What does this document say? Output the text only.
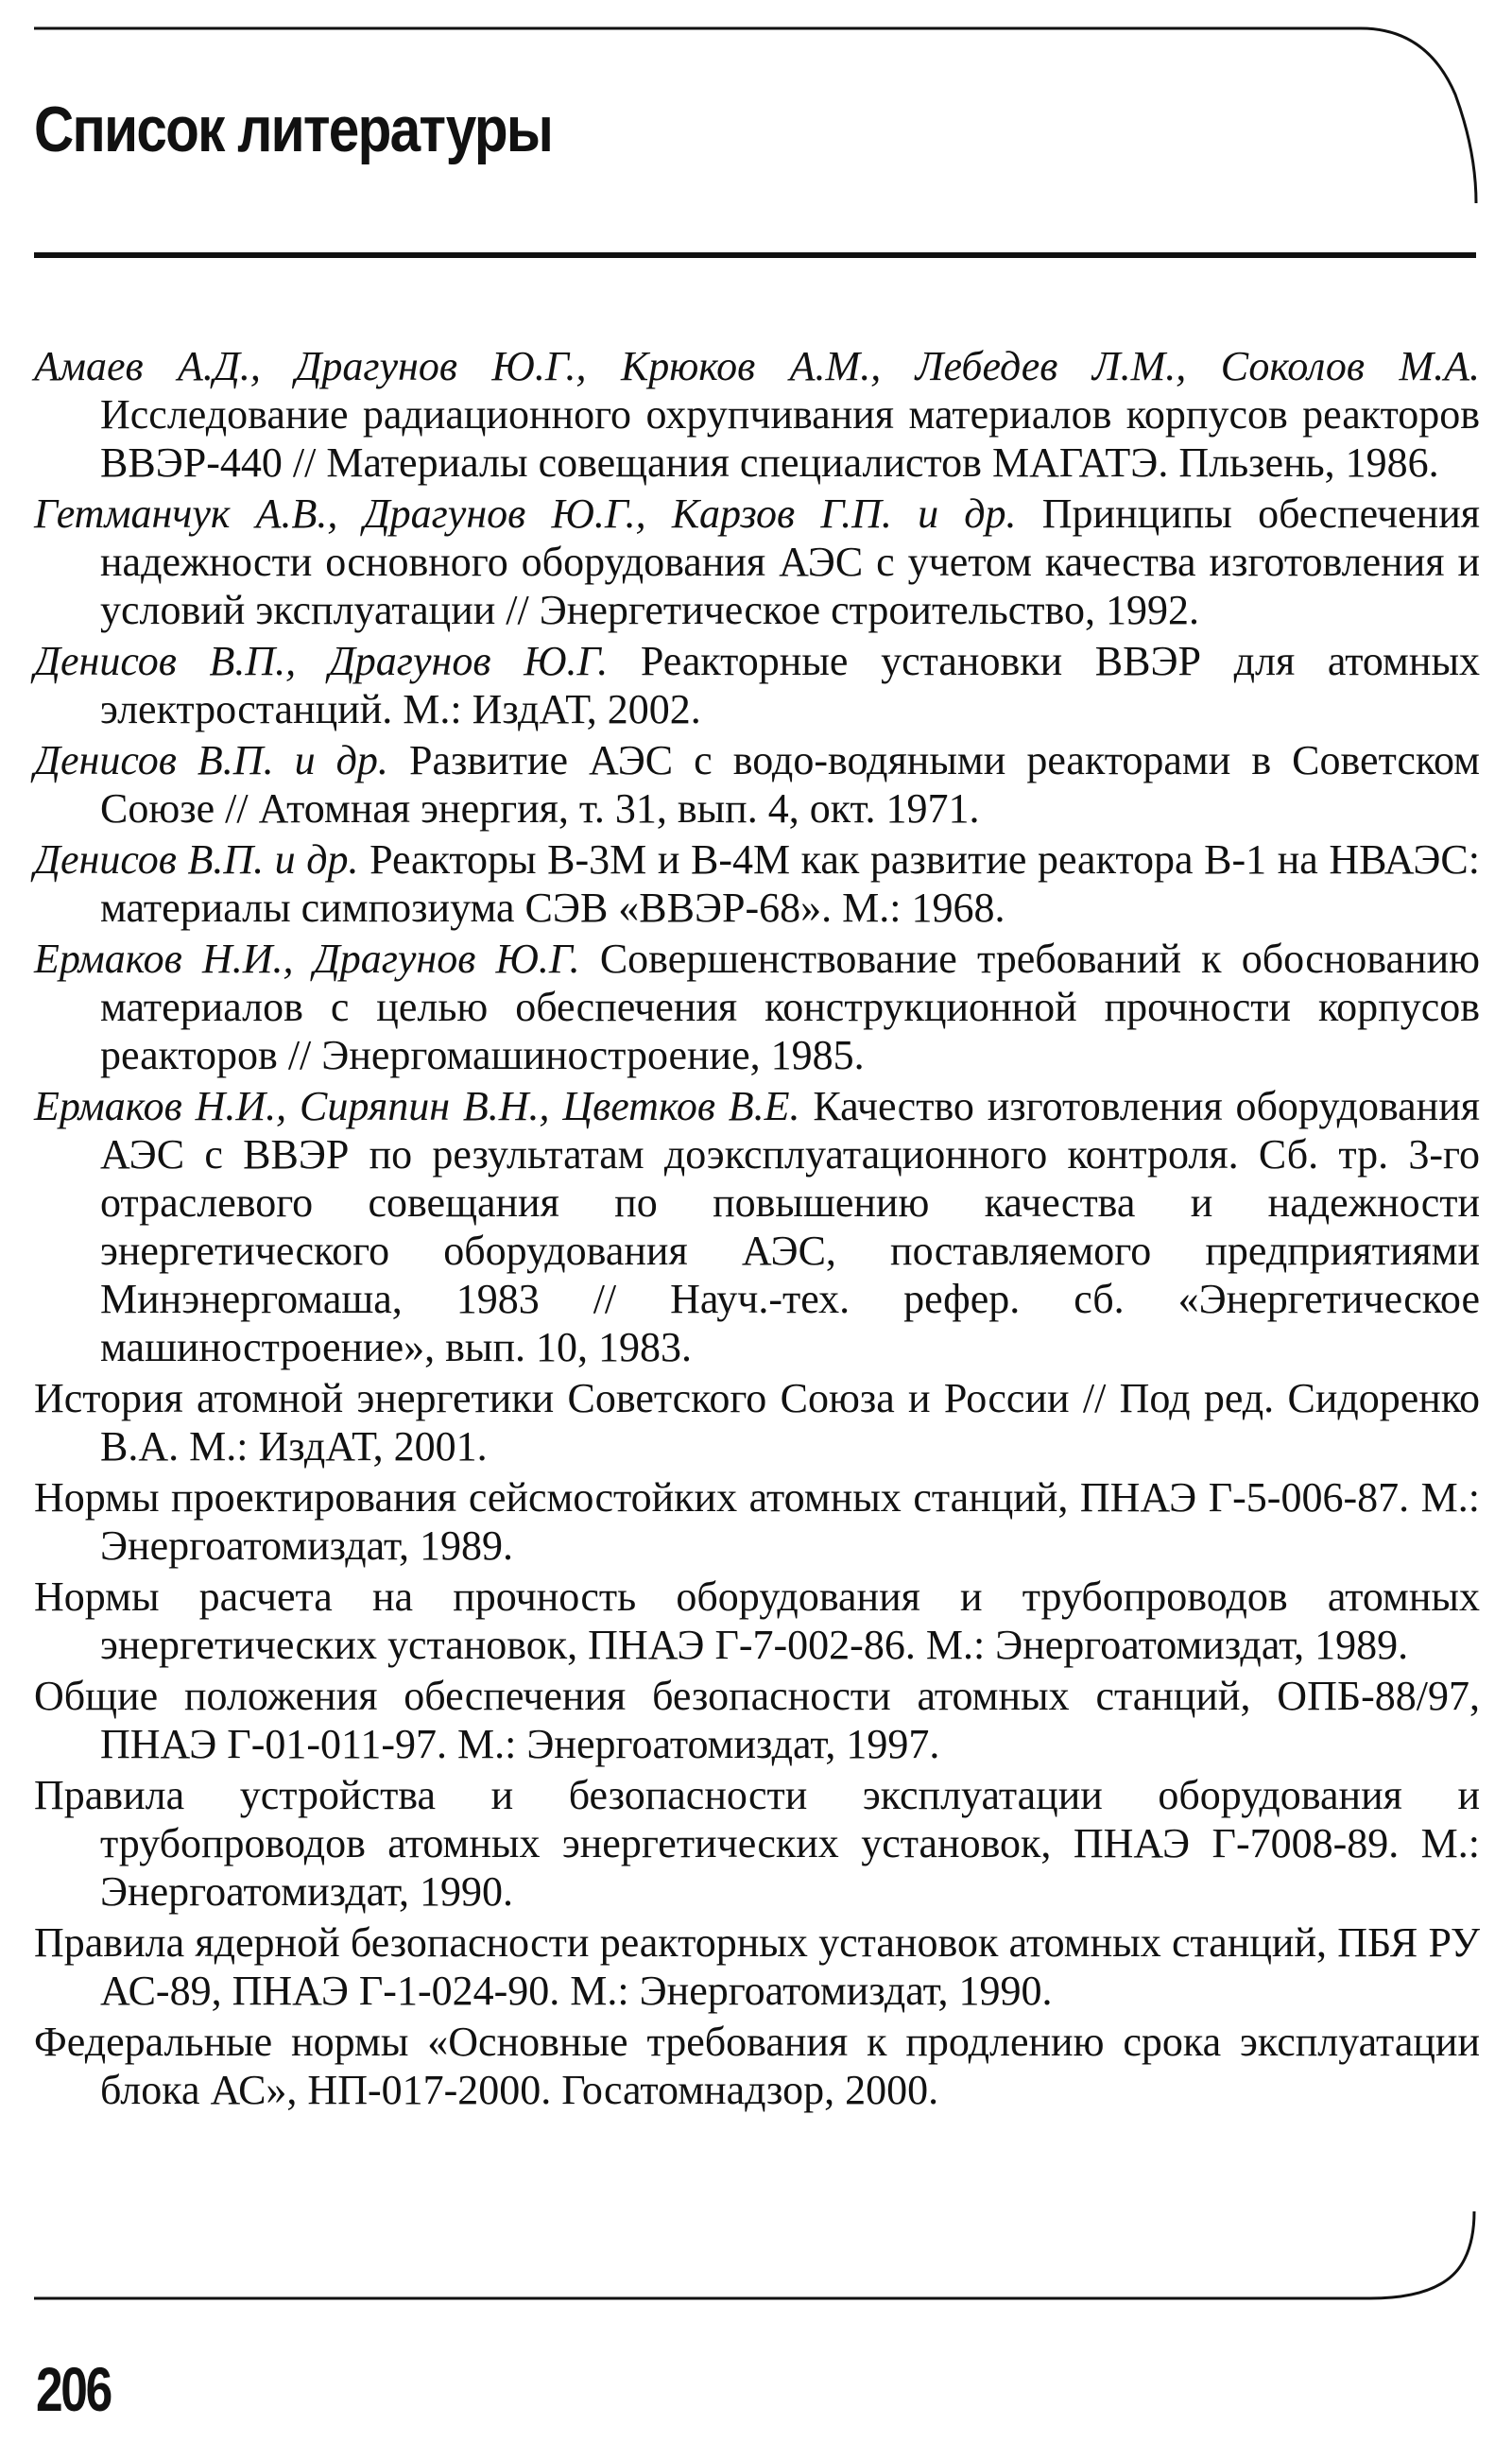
Список литературы
Амаев А.Д., Драгунов Ю.Г., Крюков А.М., Лебедев Л.М., Соколов М.А. Исследование радиационного охрупчивания материалов корпусов реакторов ВВЭР-440 // Материалы совещания специалистов МАГАТЭ. Пльзень, 1986.
Гетманчук А.В., Драгунов Ю.Г., Карзов Г.П. и др. Принципы обеспечения надежности основного оборудования АЭС с учетом качества изготовления и условий эксплуатации // Энергетическое строительство, 1992.
Денисов В.П., Драгунов Ю.Г. Реакторные установки ВВЭР для атомных электростанций. М.: ИздАТ, 2002.
Денисов В.П. и др. Развитие АЭС с водо-водяными реакторами в Советском Союзе // Атомная энергия, т. 31, вып. 4, окт. 1971.
Денисов В.П. и др. Реакторы В-3М и В-4М как развитие реактора В-1 на НВАЭС: материалы симпозиума СЭВ «ВВЭР-68». М.: 1968.
Ермаков Н.И., Драгунов Ю.Г. Совершенствование требований к обоснованию материалов с целью обеспечения конструкционной прочности корпусов реакторов // Энергомашиностроение, 1985.
Ермаков Н.И., Сиряпин В.Н., Цветков В.Е. Качество изготовления оборудования АЭС с ВВЭР по результатам доэксплуатационного контроля. Сб. тр. 3-го отраслевого совещания по повышению качества и надежности энергетического оборудования АЭС, поставляемого предприятиями Минэнергомаша, 1983 // Науч.-тех. рефер. сб. «Энергетическое машиностроение», вып. 10, 1983.
История атомной энергетики Советского Союза и России // Под ред. Сидоренко В.А. М.: ИздАТ, 2001.
Нормы проектирования сейсмостойких атомных станций, ПНАЭ Г-5-006-87. М.: Энергоатомиздат, 1989.
Нормы расчета на прочность оборудования и трубопроводов атомных энергетических установок, ПНАЭ Г-7-002-86. М.: Энергоатомиздат, 1989.
Общие положения обеспечения безопасности атомных станций, ОПБ-88/97, ПНАЭ Г-01-011-97. М.: Энергоатомиздат, 1997.
Правила устройства и безопасности эксплуатации оборудования и трубопроводов атомных энергетических установок, ПНАЭ Г-7008-89. М.: Энергоатомиздат, 1990.
Правила ядерной безопасности реакторных установок атомных станций, ПБЯ РУ АС-89, ПНАЭ Г-1-024-90. М.: Энергоатомиздат, 1990.
Федеральные нормы «Основные требования к продлению срока эксплуатации блока АС», НП-017-2000. Госатомнадзор, 2000.
206
